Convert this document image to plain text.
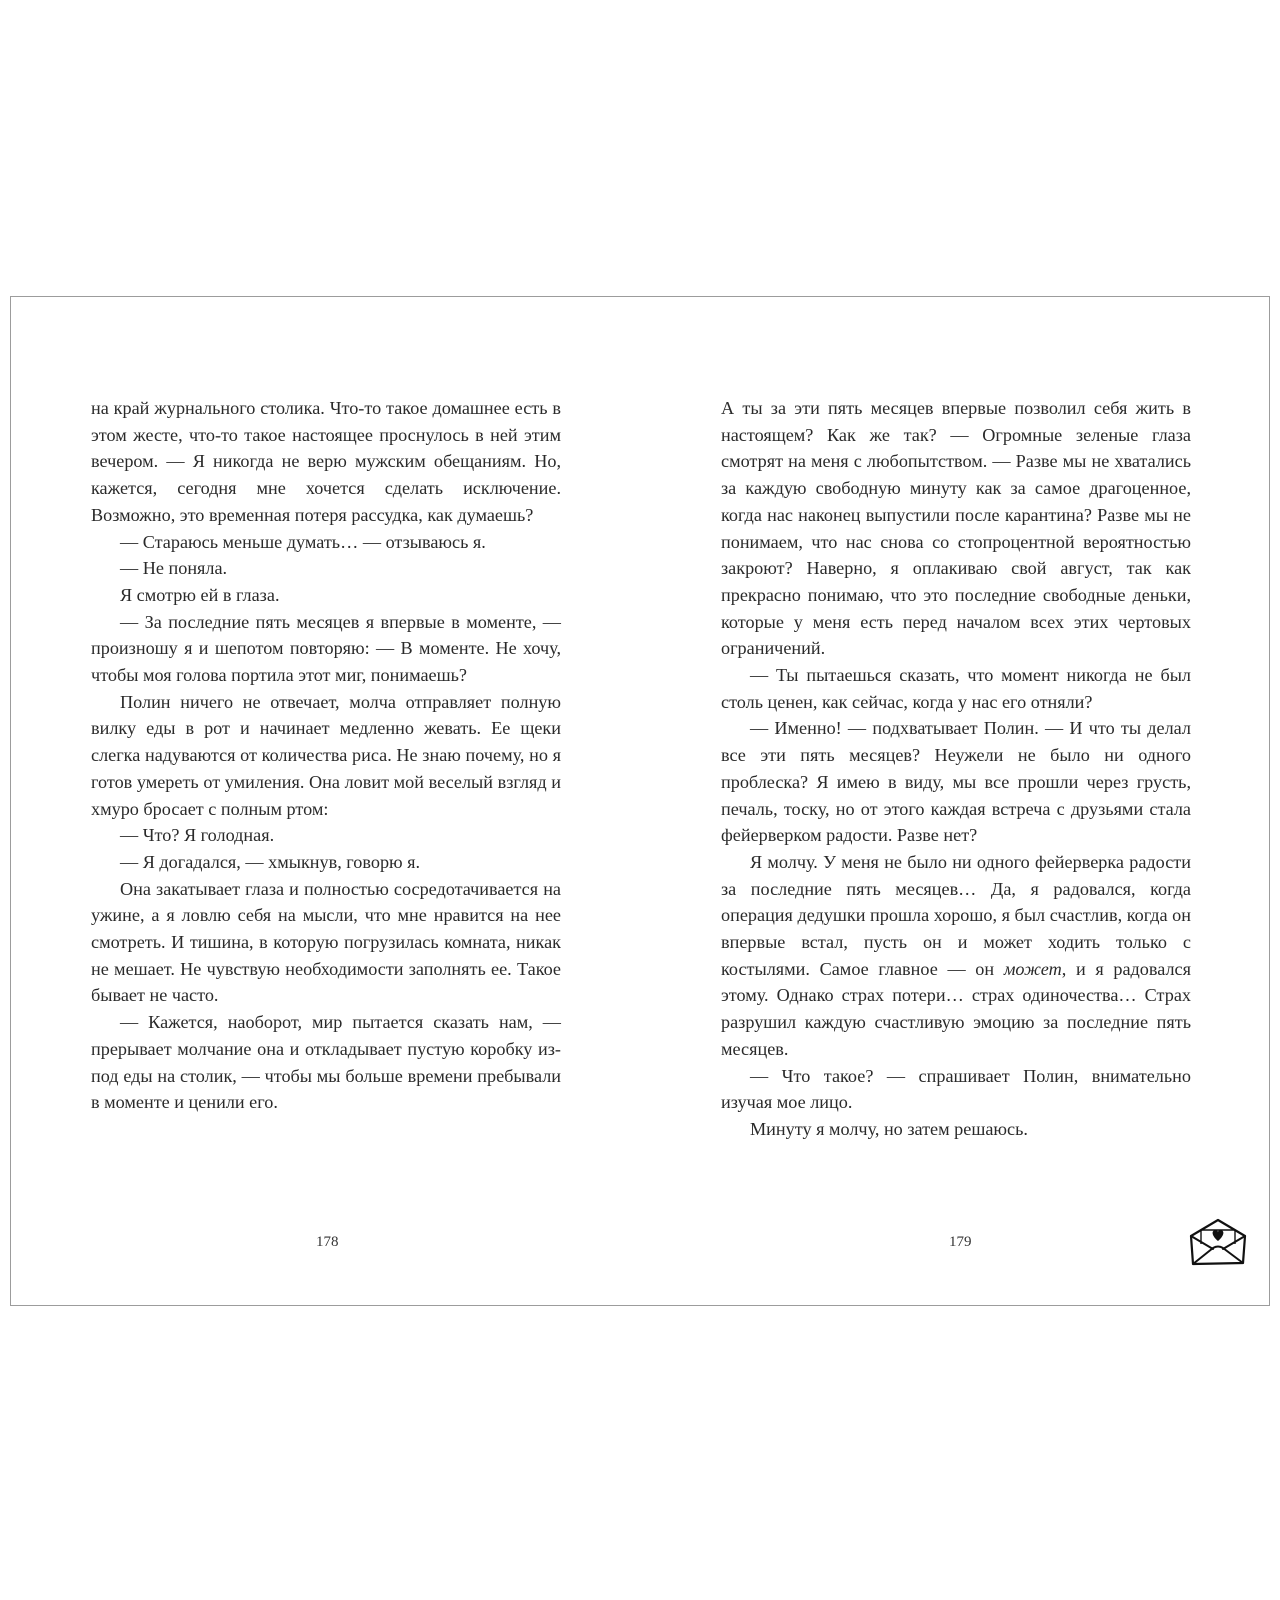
на край журнального столика. Что-то такое домашнее есть в этом жесте, что-то такое настоящее проснулось в ней этим вечером. — Я никогда не верю мужским обещаниям. Но, кажется, сегодня мне хочется сделать исключение. Возможно, это временная потеря рассудка, как думаешь?

— Стараюсь меньше думать… — отзываюсь я.

— Не поняла.

Я смотрю ей в глаза.

— За последние пять месяцев я впервые в моменте, — произношу я и шепотом повторяю: — В моменте. Не хочу, чтобы моя голова портила этот миг, понимаешь?

Полин ничего не отвечает, молча отправляет полную вилку еды в рот и начинает медленно жевать. Ее щеки слегка надуваются от количества риса. Не знаю почему, но я готов умереть от умиления. Она ловит мой веселый взгляд и хмуро бросает с полным ртом:

— Что? Я голодная.

— Я догадался, — хмыкнув, говорю я.

Она закатывает глаза и полностью сосредотачивается на ужине, а я ловлю себя на мысли, что мне нравится на нее смотреть. И тишина, в которую погрузилась комната, никак не мешает. Не чувствую необходимости заполнять ее. Такое бывает не часто.

— Кажется, наоборот, мир пытается сказать нам, — прерывает молчание она и откладывает пустую коробку из-под еды на столик, — чтобы мы больше времени пребывали в моменте и ценили его.

А ты за эти пять месяцев впервые позволил себя жить в настоящем? Как же так? — Огромные зеленые глаза смотрят на меня с любопытством. — Разве мы не хватались за каждую свободную минуту как за самое драгоценное, когда нас наконец выпустили после карантина? Разве мы не понимаем, что нас снова со стопроцентной вероятностью закроют? Наверно, я оплакиваю свой август, так как прекрасно понимаю, что это последние свободные деньки, которые у меня есть перед началом всех этих чертовых ограничений.

— Ты пытаешься сказать, что момент никогда не был столь ценен, как сейчас, когда у нас его отняли?

— Именно! — подхватывает Полин. — И что ты делал все эти пять месяцев? Неужели не было ни одного проблеска? Я имею в виду, мы все прошли через грусть, печаль, тоску, но от этого каждая встреча с друзьями стала фейерверком радости. Разве нет?

Я молчу. У меня не было ни одного фейерверка радости за последние пять месяцев… Да, я радовался, когда операция дедушки прошла хорошо, я был счастлив, когда он впервые встал, пусть он и может ходить только с костылями. Самое главное — он может, и я радовался этому. Однако страх потери… страх одиночества… Страх разрушил каждую счастливую эмоцию за последние пять месяцев.

— Что такое? — спрашивает Полин, внимательно изучая мое лицо.

Минуту я молчу, но затем решаюсь.

178	179
